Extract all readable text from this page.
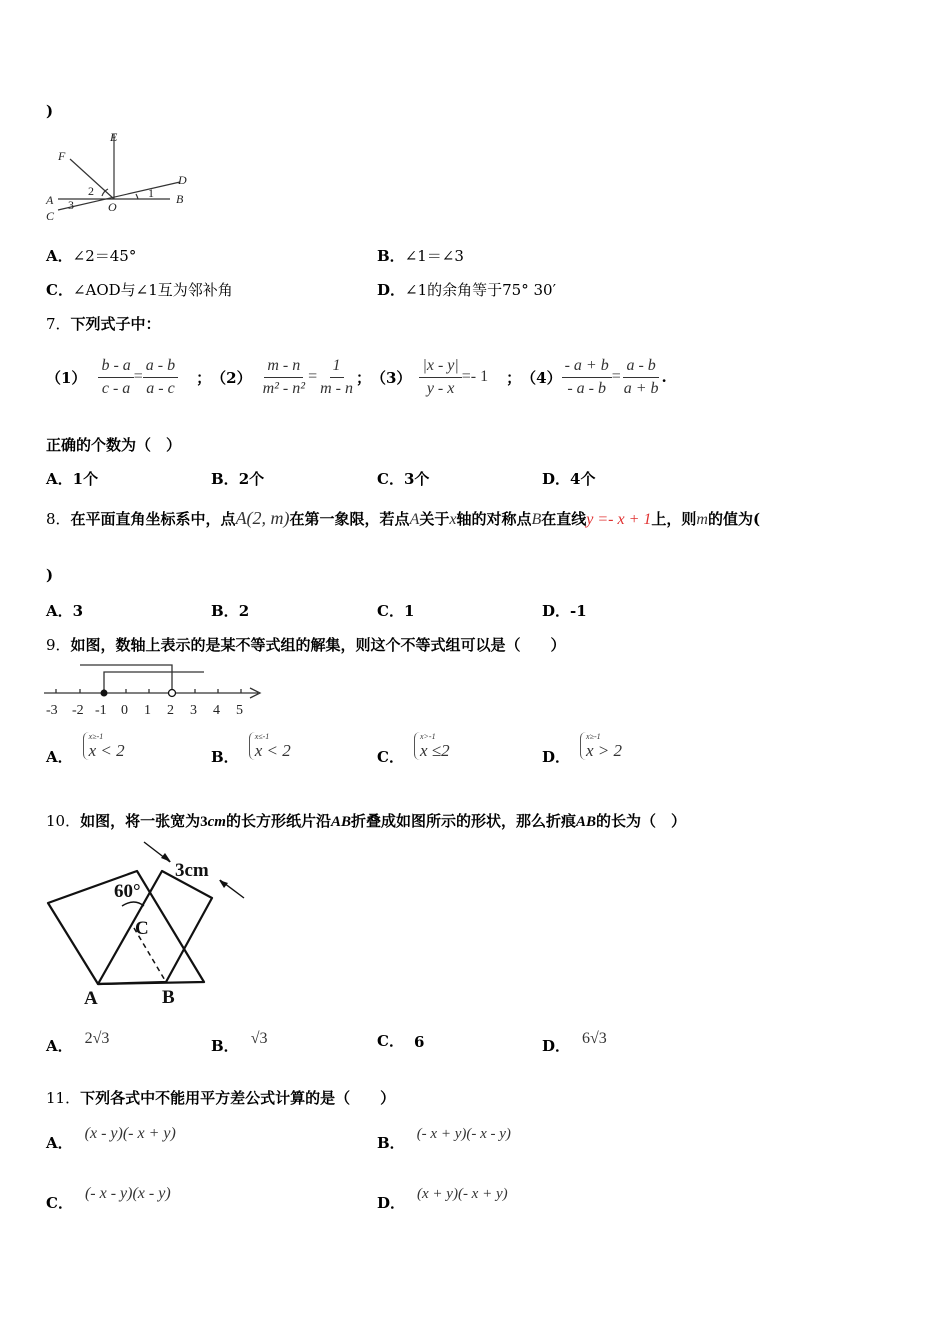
)
E
F
D
A	O
B
C
1
2
3
A．∠2＝45°	B．∠1＝∠3
C．∠AOD与∠1互为邻补角	D．∠1的余角等于75° 30′
7．下列式子中：
$(1) \frac{b - a}{c - a} = \frac{a - b}{a - c}$ ； $(2) \frac{m - n}{\text{m² - n²}} = \frac{1}{m - n}$ ； $(3) \frac{|x - y|}{y - x} =- 1$ ； $(4) \frac{- a + b}{- a - b} = \frac{a - b}{a + b}$ .
正确的个数为（　）
A．1个	B．2个	C．3个	D．4个
8． 在平面直角坐标系中，点 A(2, m) 在第一象限，若点 A 关于 x 轴的对称点 B 在直线 y =- x + 1 上，则 m 的值为(
)
A．3	B．2	C．1	D．-1
9．如图，数轴上表示的是某不等式组的解集，则这个不等式组可以是（　　）
-3 -2 -1 0 1 2 3 4 5
A．
x≥-1
x < 2	B．
x≤-1
x < 2	C．
x>-1
x ≤2	D．
x≥-1
x > 2
10．如图，将一张宽为3cm的长方形纸片沿AB折叠成如图所示的形状，那么折痕AB的长为（　）
60°
3cm
C
A	B
A． 2√3	B． √3	C． 6	D． 6√3
11．下列各式中不能用平方差公式计算的是（　　）
A．
(x - y)(- x + y)
B． (- x + y)(- x - y)
C．
(- x - y)(x - y)
D． (x + y)(- x + y)
